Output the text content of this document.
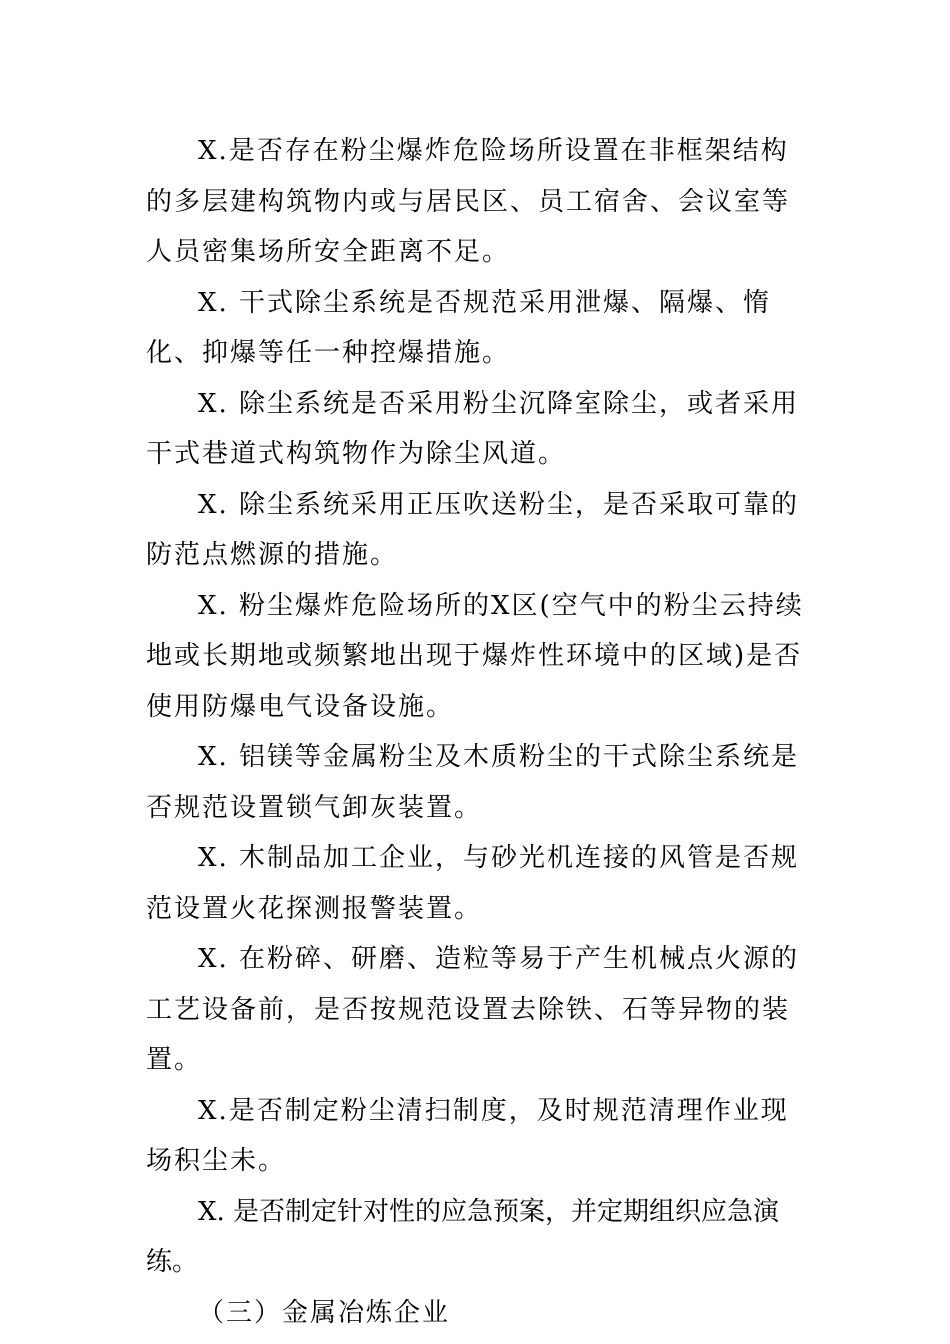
X.是否存在粉尘爆炸危险场所设置在非框架结构的多层建构筑物内或与居民区、员工宿舍、会议室等人员密集场所安全距离不足。

X. 干式除尘系统是否规范采用泄爆、隔爆、惰化、抑爆等任一种控爆措施。

X. 除尘系统是否采用粉尘沉降室除尘，或者采用干式巷道式构筑物作为除尘风道。

X. 除尘系统采用正压吹送粉尘，是否采取可靠的防范点燃源的措施。

X. 粉尘爆炸危险场所的X区(空气中的粉尘云持续地或长期地或频繁地出现于爆炸性环境中的区域)是否使用防爆电气设备设施。

X. 铝镁等金属粉尘及木质粉尘的干式除尘系统是否规范设置锁气卸灰装置。

X. 木制品加工企业，与砂光机连接的风管是否规范设置火花探测报警装置。

X. 在粉碎、研磨、造粒等易于产生机械点火源的工艺设备前，是否按规范设置去除铁、石等异物的装置。

X.是否制定粉尘清扫制度，及时规范清理作业现场积尘未。

X. 是否制定针对性的应急预案，并定期组织应急演练。

（三）金属冶炼企业
